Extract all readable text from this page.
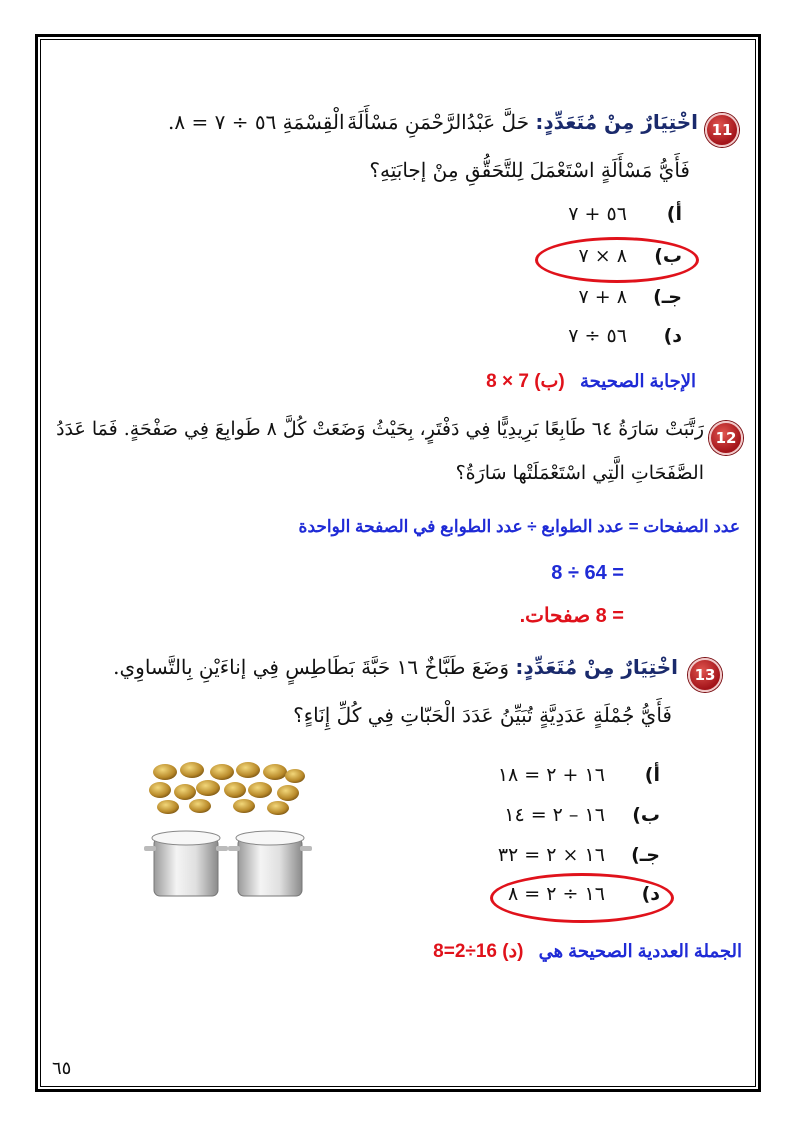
11
اخْتِيَارٌ مِنْ مُتَعَدِّدٍ: حَلَّ عَبْدُالرَّحْمَنِ مَسْأَلَةَ
الْقِسْمَةِ ٥٦ ÷ ٧ = ٨.
فَأَيُّ مَسْأَلَةٍ اسْتَعْمَلَ لِلتَّحَقُّقِ مِنْ إجابَتِهِ؟
أ) ٥٦ + ٧
ب) ٨ × ٧
جـ) ٨ + ٧
د) ٥٦ ÷ ٧
الإجابة الصحيحة   (ب) 7 × 8
12
رَتَّبَتْ سَارَةُ ٦٤ طَابِعًا بَرِيدِيًّا فِي دَفْتَرٍ، بِحَيْثُ وَضَعَتْ كُلَّ ٨ طَوابِعَ فِي صَفْحَةٍ. فَمَا عَدَدُ
الصَّفَحَاتِ الَّتِي اسْتَعْمَلَتْها سَارَةُ؟
عدد الصفحات = عدد الطوابع ÷ عدد الطوابع في الصفحة الواحدة
= 64 ÷ 8
= 8 صفحات.
13
اخْتِيَارٌ مِنْ مُتَعَدِّدٍ: وَضَعَ طَبَّاخٌ ١٦ حَبَّةَ بَطَاطِسٍ فِي إناءَيْنِ بِالتَّساوِي.
فَأَيُّ جُمْلَةٍ عَدَدِيَّةٍ تُبَيِّنُ عَدَدَ الْحَبّاتِ فِي كُلِّ إِنَاءٍ؟
أ) ١٦ + ٢ = ١٨
ب) ١٦ – ٢ = ١٤
جـ) ١٦ × ٢ = ٣٢
د) ١٦ ÷ ٢ = ٨
الجملة العددية الصحيحة هي   (د) 16÷2=8
٦٥
